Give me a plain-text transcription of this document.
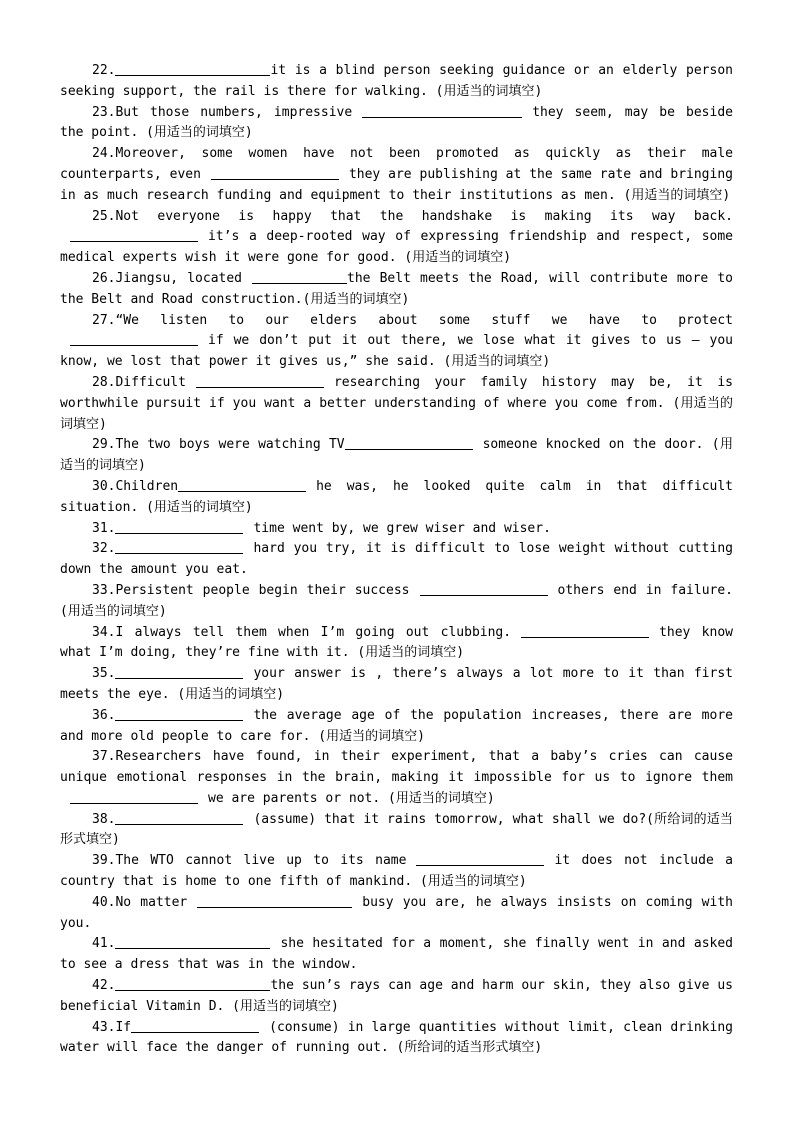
22.	it is a blind person seeking guidance or an elderly person seeking support, the rail is there for walking. (用适当的词填空)

23.But those numbers, impressive	they seem, may be beside the point. (用适当的词填空)

24.Moreover, some women have not been promoted as quickly as their male counterparts, even	they are publishing at the same rate and bringing in as much research funding and equipment to their institutions as men. (用适当的词填空)

25.Not everyone is happy that the handshake is making its way back.it’s a deep-rooted way of expressing friendship and respect, some medical experts wish it were gone for good. (用适当的词填空)

26.Jiangsu, located	the Belt meets the Road, will contribute more to the Belt and Road construction.(用适当的词填空)

27.“We listen to our elders about some stuff we have to protectif we don’t put it out there, we lose what it gives to us — you know, we lost that power it gives us,” she said. (用适当的词填空)

28.Difficult	researching your family history may be, it is worthwhile pursuit if you want a better understanding of where you come from. (用适当的词填空)

29.The two boys were watching TV	someone knocked on the door. (用适当的词填空)

30.Children	he was, he looked quite calm in that difficult situation. (用适当的词填空)

31.	time went by, we grew wiser and wiser.

32.	hard you try, it is difficult to lose weight without cutting down the amount you eat.

33.Persistent people begin their success	others end in failure. (用适当的词填空)

34.I always tell them when I’m going out clubbing.	they know what I’m doing, they’re fine with it. (用适当的词填空)

35.	your answer is , there’s always a lot more to it than first meets the eye. (用适当的词填空)

36.	the average age of the population increases, there are more and more old people to care for. (用适当的词填空)

37.Researchers have found, in their experiment, that a baby’s cries can cause unique emotional responses in the brain, making it impossible for us to ignore themwe are parents or not. (用适当的词填空)

38.	(assume) that it rains tomorrow, what shall we do?(所给词的适当形式填空)

39.The WTO cannot live up to its name	it does not include a country that is home to one fifth of mankind. (用适当的词填空)

40.No matter	busy you are, he always insists on coming with you.

41.	she hesitated for a moment, she finally went in and asked to see a dress that was in the window.

42.	the sun’s rays can age and harm our skin, they also give us beneficial Vitamin D. (用适当的词填空)

43.If	(consume) in large quantities without limit, clean drinking water will face the danger of running out. (所给词的适当形式填空)
